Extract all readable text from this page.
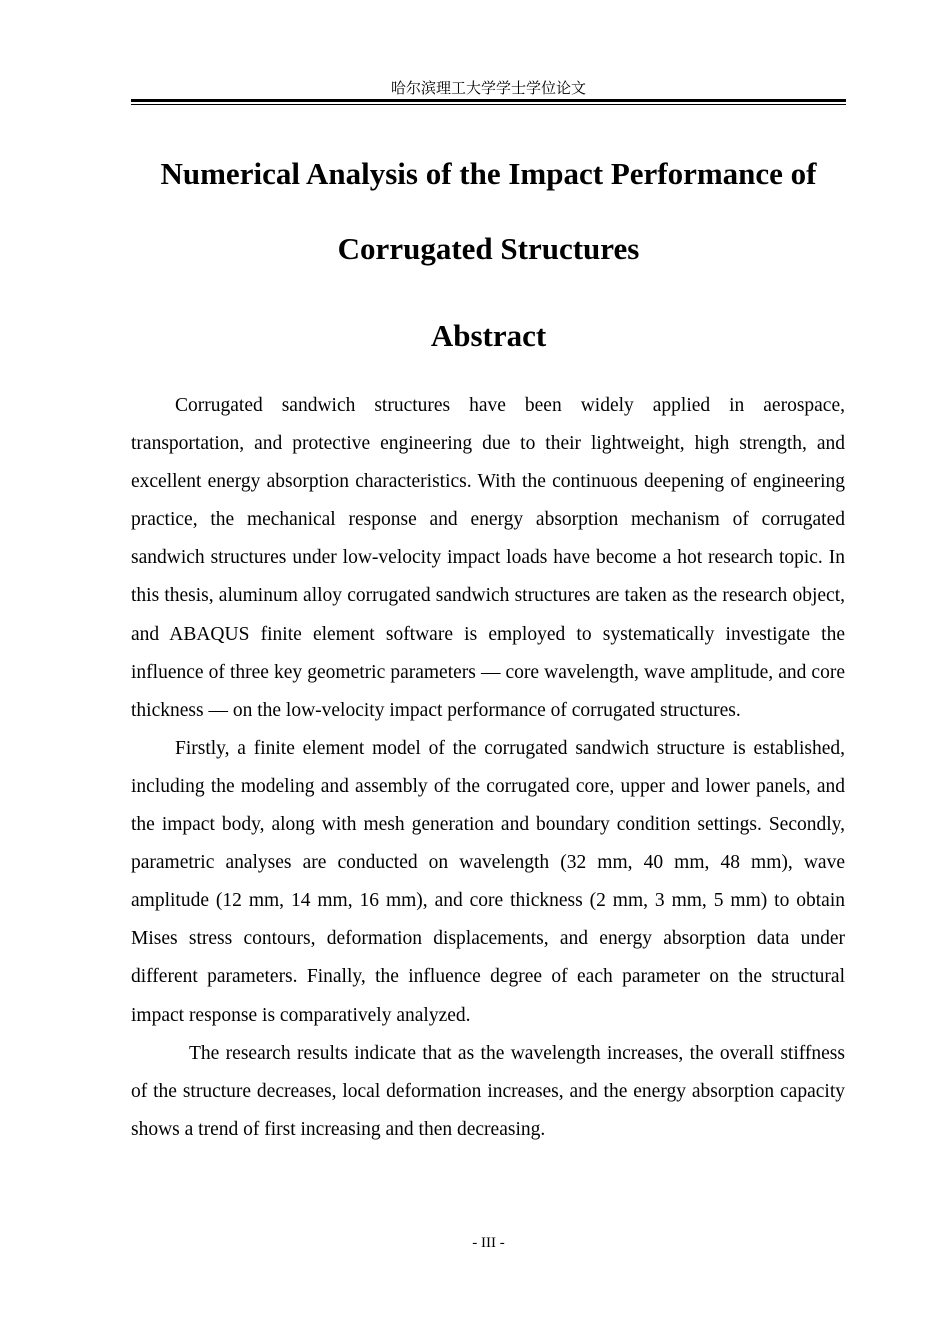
哈尔滨理工大学学士学位论文
Numerical Analysis of the Impact Performance of
Corrugated Structures
Abstract

Corrugated sandwich structures have been widely applied in aerospace, transportation, and protective engineering due to their lightweight, high strength, and excellent energy absorption characteristics. With the continuous deepening of engineering practice, the mechanical response and energy absorption mechanism of corrugated sandwich structures under low-velocity impact loads have become a hot research topic. In this thesis, aluminum alloy corrugated sandwich structures are taken as the research object, and ABAQUS finite element software is employed to systematically investigate the influence of three key geometric parameters — core wavelength, wave amplitude, and core thickness — on the low-velocity impact performance of corrugated structures.

Firstly, a finite element model of the corrugated sandwich structure is established, including the modeling and assembly of the corrugated core, upper and lower panels, and the impact body, along with mesh generation and boundary condition settings. Secondly, parametric analyses are conducted on wavelength (32 mm, 40 mm, 48 mm), wave amplitude (12 mm, 14 mm, 16 mm), and core thickness (2 mm, 3 mm, 5 mm) to obtain Mises stress contours, deformation displacements, and energy absorption data under different parameters. Finally, the influence degree of each parameter on the structural impact response is comparatively analyzed.

The research results indicate that as the wavelength increases, the overall stiffness of the structure decreases, local deformation increases, and the energy absorption capacity shows a trend of first increasing and then decreasing.

- III -
